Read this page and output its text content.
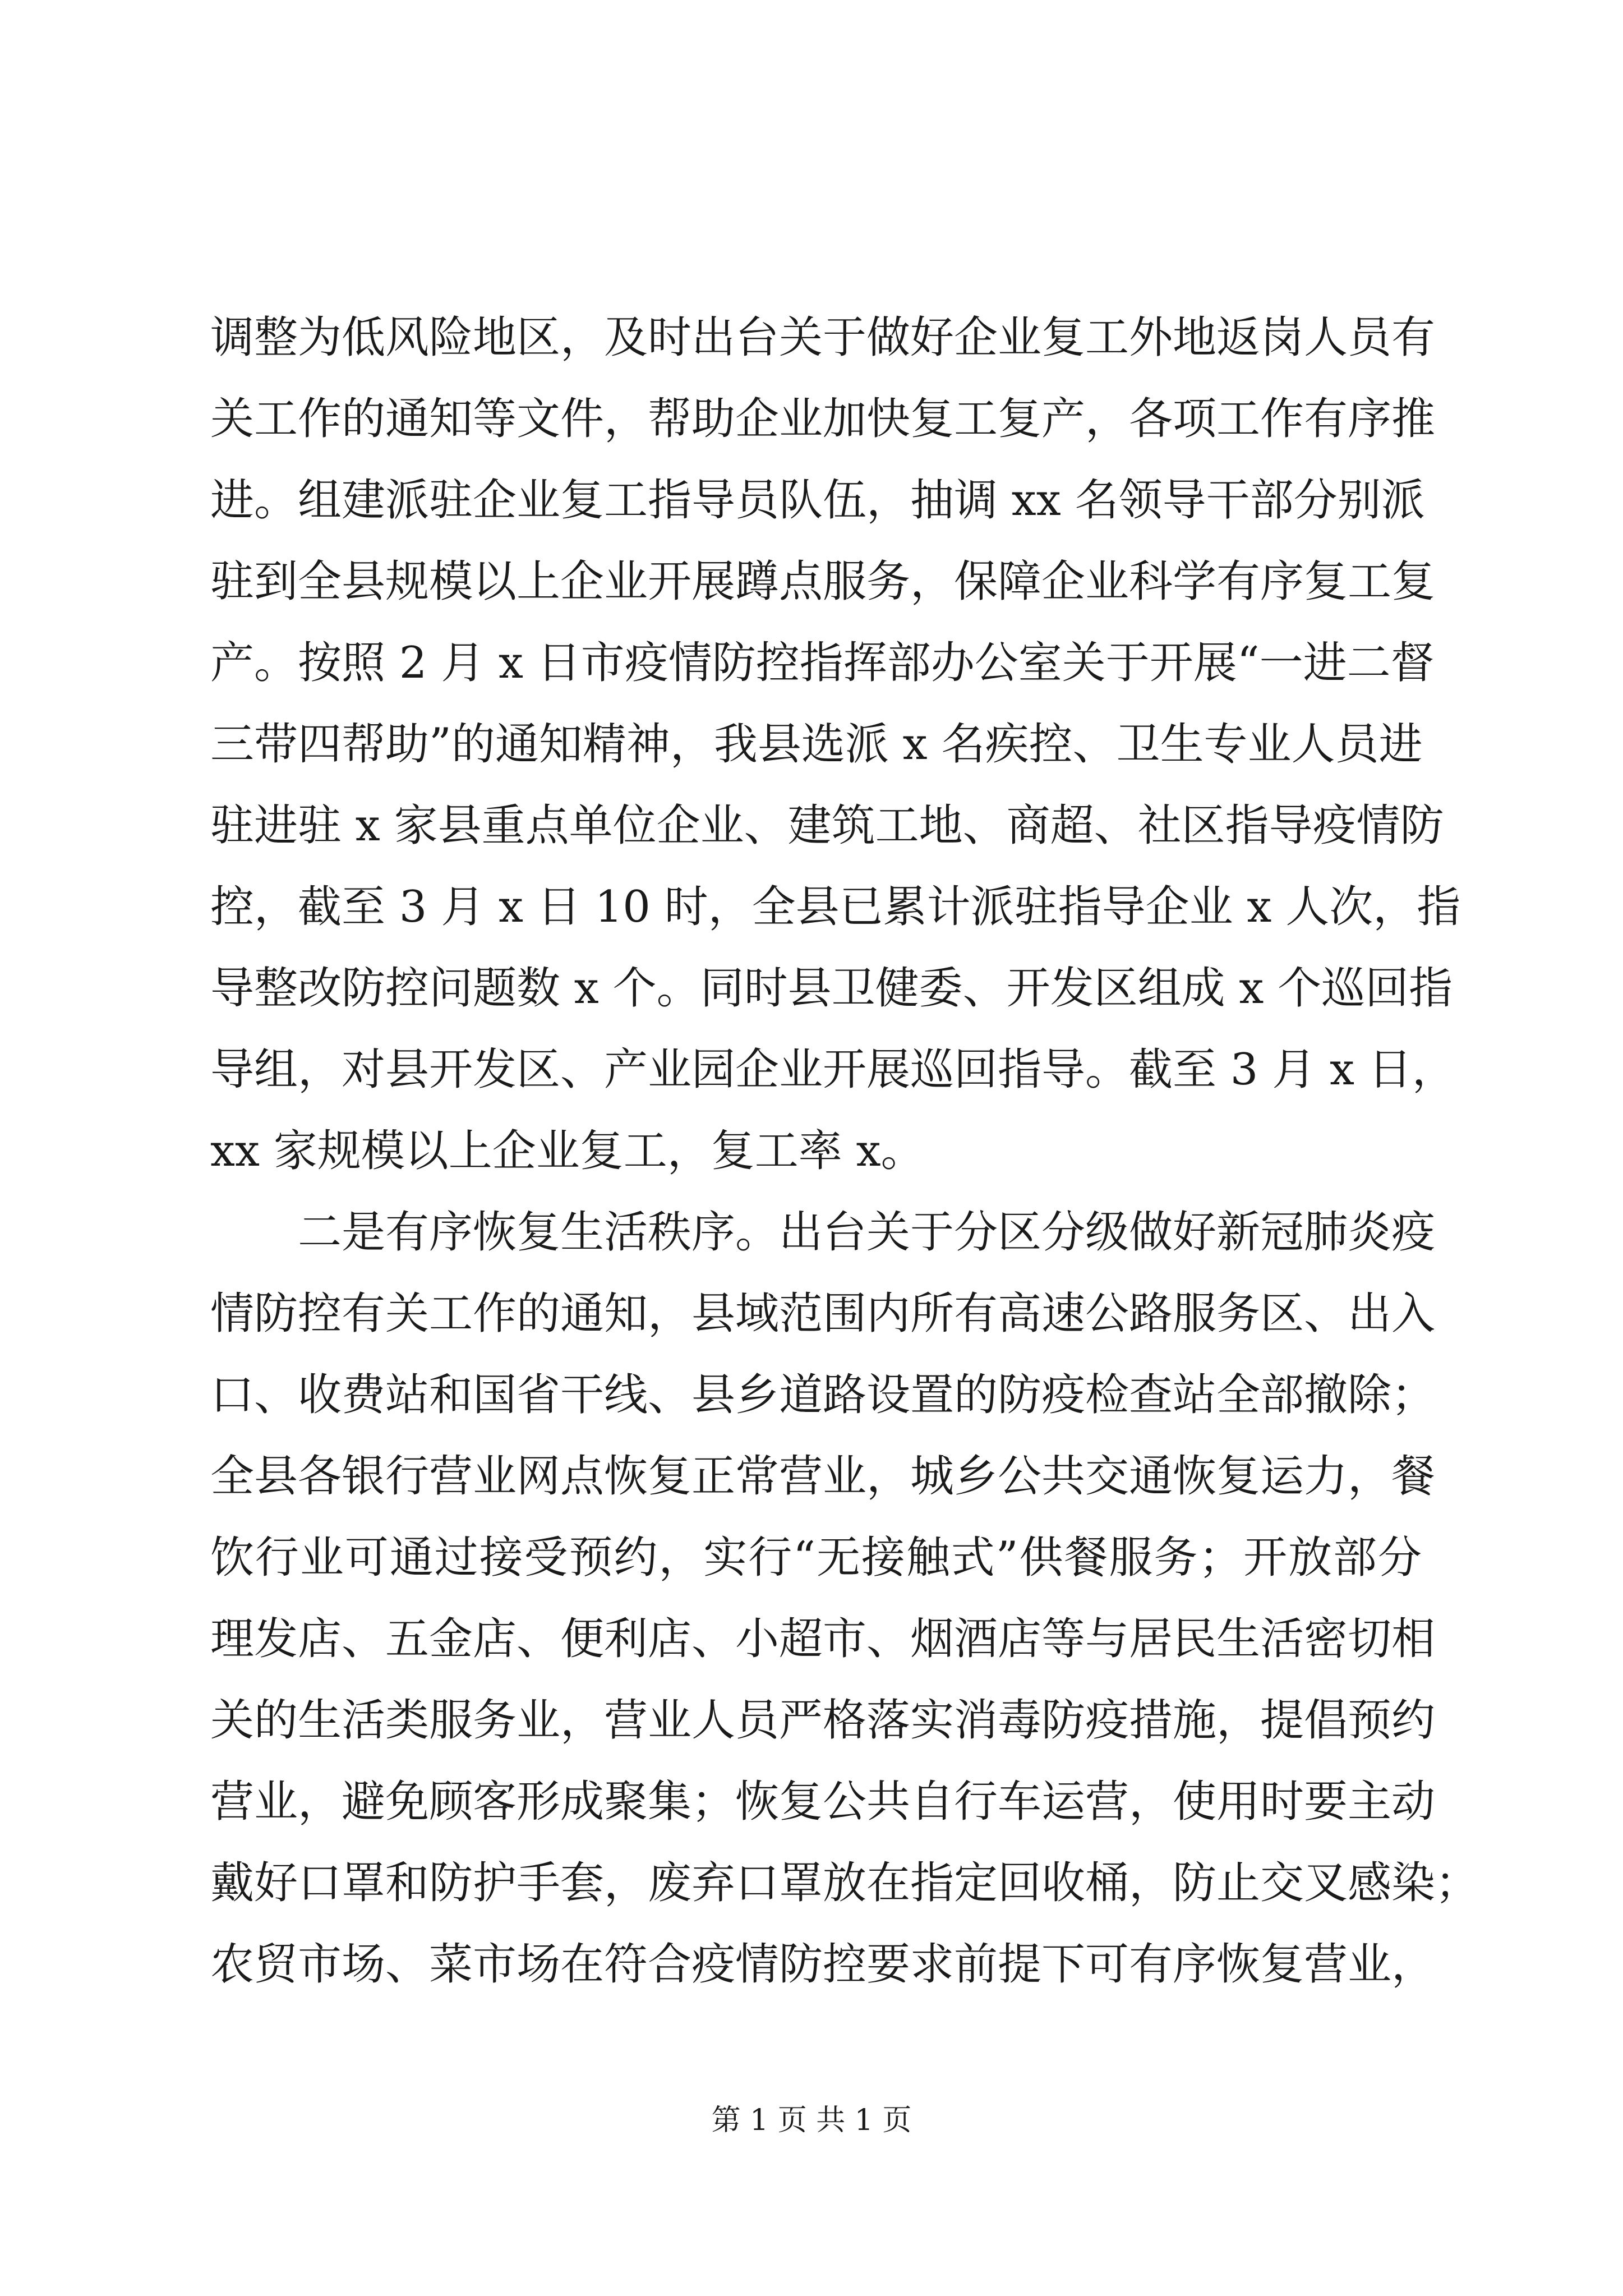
调整为低风险地区，及时出台关于做好企业复工外地返岗人员有
关工作的通知等文件，帮助企业加快复工复产，各项工作有序推
进。组建派驻企业复工指导员队伍，抽调 xx 名领导干部分别派
驻到全县规模以上企业开展蹲点服务，保障企业科学有序复工复
产。按照 2 月 x 日市疫情防控指挥部办公室关于开展“一进二督
三带四帮助”的通知精神，我县选派 x 名疾控、卫生专业人员进
驻进驻 x 家县重点单位企业、建筑工地、商超、社区指导疫情防
控，截至 3 月 x 日 10 时，全县已累计派驻指导企业 x 人次，指
导整改防控问题数 x 个。同时县卫健委、开发区组成 x 个巡回指
导组，对县开发区、产业园企业开展巡回指导。截至 3 月 x 日，
xx 家规模以上企业复工，复工率 x。

二是有序恢复生活秩序。出台关于分区分级做好新冠肺炎疫
情防控有关工作的通知，县域范围内所有高速公路服务区、出入
口、收费站和国省干线、县乡道路设置的防疫检查站全部撤除；
全县各银行营业网点恢复正常营业，城乡公共交通恢复运力，餐
饮行业可通过接受预约，实行“无接触式”供餐服务；开放部分
理发店、五金店、便利店、小超市、烟酒店等与居民生活密切相
关的生活类服务业，营业人员严格落实消毒防疫措施，提倡预约
营业，避免顾客形成聚集；恢复公共自行车运营，使用时要主动
戴好口罩和防护手套，废弃口罩放在指定回收桶，防止交叉感染；
农贸市场、菜市场在符合疫情防控要求前提下可有序恢复营业，

第 1 页 共 1 页
